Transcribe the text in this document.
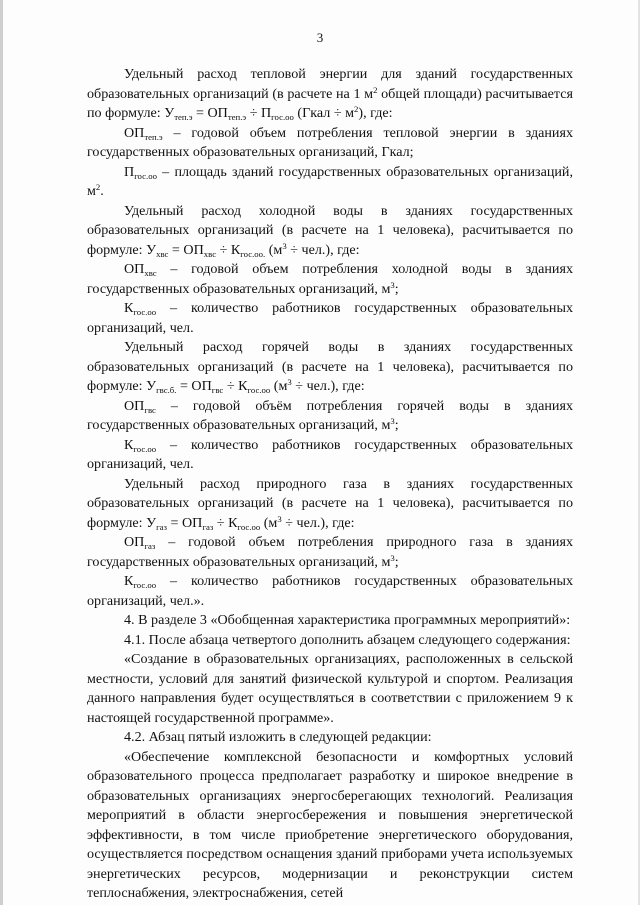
3

Удельный расход тепловой энергии для зданий государственных образовательных организаций (в расчете на 1 $м^2$ общей площади) расчитывается по формуле: $У_{теп.э} = ОП_{теп.э} \div П_{гос.оо}$ (Гкал ÷ $м^2$), где:

$ОП_{теп.э}$ – годовой объем потребления тепловой энергии в зданиях государственных образовательных организаций, Гкал;

$П_{гос.оо}$ – площадь зданий государственных образовательных организаций, $м^2$.

Удельный расход холодной воды в зданиях государственных образовательных организаций (в расчете на 1 человека), расчитывается по формуле: $У_{хвс} = ОП_{хвс} \div К_{гос.оо.}$ $(м^3 \div чел.)$, где:

$ОП_{хвс}$ – годовой объем потребления холодной воды в зданиях государственных образовательных организаций, $м^3$;

$К_{гос.оо}$ – количество работников государственных образовательных организаций, чел.

Удельный расход горячей воды в зданиях государственных образовательных организаций (в расчете на 1 человека), расчитывается по формуле: $У_{гвс.б.} = ОП_{гвс} \div К_{гос.оо}$ $(м^3 \div чел.)$, где:

$ОП_{гвс}$ – годовой объём потребления горячей воды в зданиях государственных образовательных организаций, $м^3$;

$К_{гос.оо}$ – количество работников государственных образовательных организаций, чел.

Удельный расход природного газа в зданиях государственных образовательных организаций (в расчете на 1 человека), расчитывается по формуле: $У_{газ} = ОП_{газ} \div К_{гос.оо}$ $(м^3 \div чел.)$, где:

$ОП_{газ}$ – годовой объем потребления природного газа в зданиях государственных образовательных организаций, $м^3$;

$К_{гос.оо}$ – количество работников государственных образовательных организаций, чел.».

4. В разделе 3 «Обобщенная характеристика программных мероприятий»:

4.1. После абзаца четвертого дополнить абзацем следующего содержания:

«Создание в образовательных организациях, расположенных в сельской местности, условий для занятий физической культурой и спортом. Реализация данного направления будет осуществляться в соответствии с приложением 9 к настоящей государственной программе».

4.2. Абзац пятый изложить в следующей редакции:

«Обеспечение комплексной безопасности и комфортных условий образовательного процесса предполагает разработку и широкое внедрение в образовательных организациях энергосберегающих технологий. Реализация мероприятий в области энергосбережения и повышения энергетической эффективности, в том числе приобретение энергетического оборудования, осуществляется посредством оснащения зданий приборами учета используемых энергетических ресурсов, модернизации и реконструкции систем теплоснабжения, электроснабжения, сетей
